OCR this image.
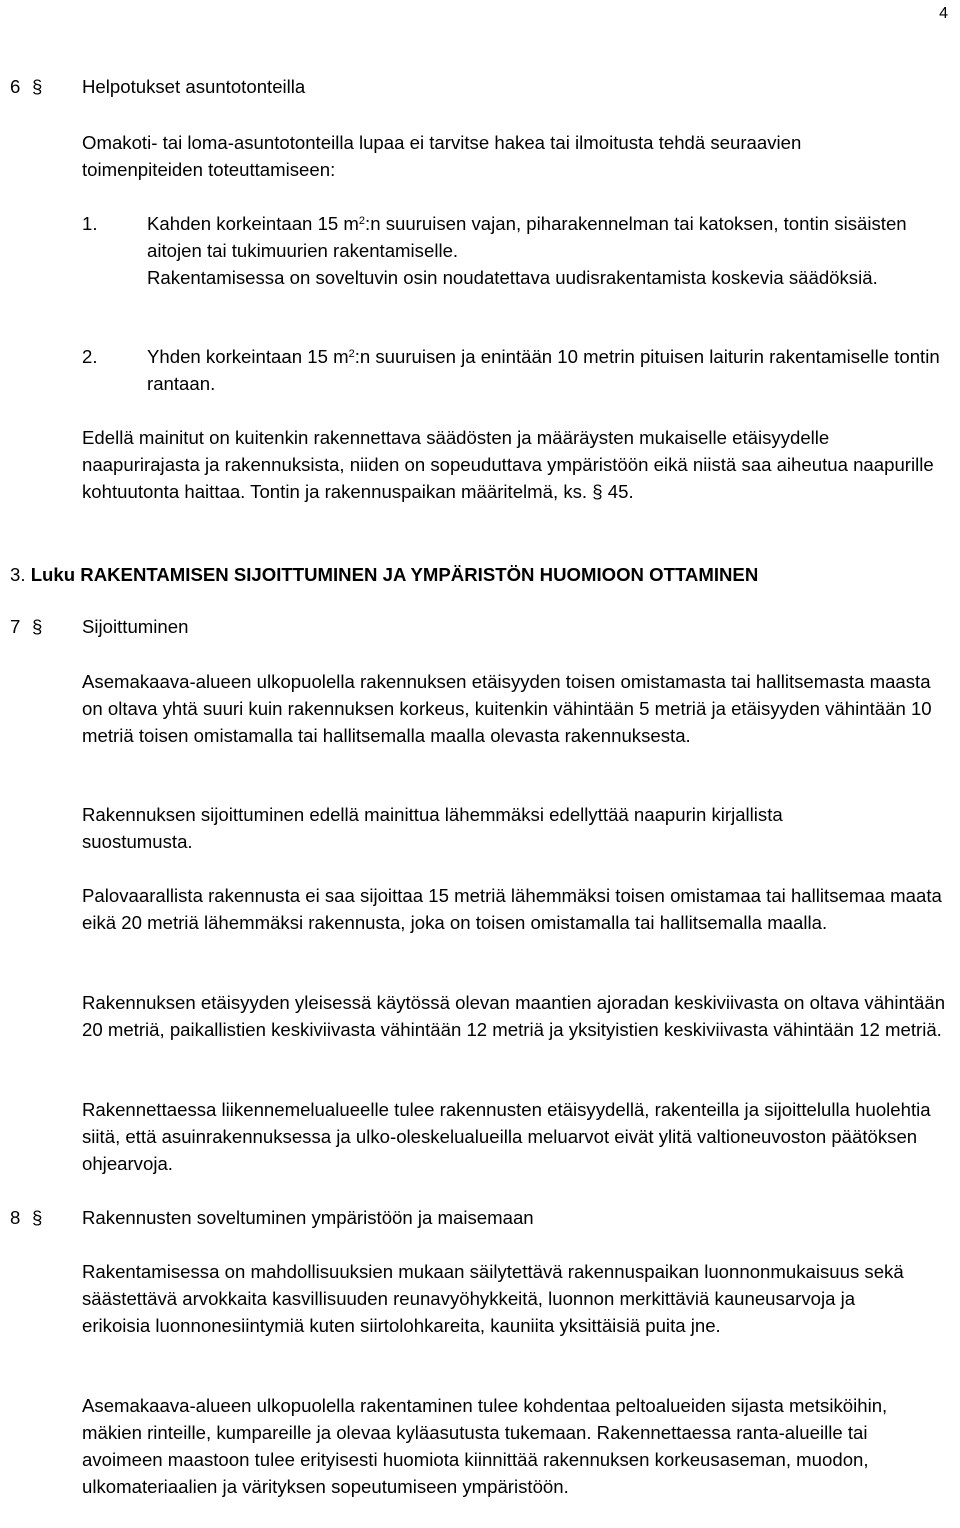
4
6 § Helpotukset asuntotonteilla

Omakoti- tai loma-asuntotonteilla lupaa ei tarvitse hakea tai ilmoitusta tehdä seuraavien toimenpiteiden toteuttamiseen:

1.	Kahden korkeintaan 15 $m^2:n$ suuruisen vajan, piharakennelman tai katoksen, tontin sisäisten aitojen tai tukimuurien rakentamiselle.

Rakentamisessa on soveltuvin osin noudatettava uudisrakentamista koskevia säädöksiä.

2.	Yhden korkeintaan 15 $m^2:n$ suuruisen ja enintään 10 metrin pituisen laiturin rakentamiselle tontin rantaan.

Edellä mainitut on kuitenkin rakennettava säädösten ja määräysten mukaiselle etäisyydelle naapurirajasta ja rakennuksista, niiden on sopeuduttava ympäristöön eikä niistä saa aiheutua naapurille kohtuutonta haittaa. Tontin ja rakennuspaikan määritelmä, ks. § 45.

3. Luku RAKENTAMISEN SIJOITTUMINEN JA YMPÄRISTÖN HUOMIOON OTTAMINEN
7 § Sijoittuminen

Asemakaava-alueen ulkopuolella rakennuksen etäisyyden toisen omistamasta tai hallitsemasta maasta on oltava yhtä suuri kuin rakennuksen korkeus, kuitenkin vähintään 5 metriä ja etäisyyden vähintään 10 metriä toisen omistamalla tai hallitsemalla maalla olevasta rakennuksesta.

Rakennuksen sijoittuminen edellä mainittua lähemmäksi edellyttää naapurin kirjallista suostumusta.

Palovaarallista rakennusta ei saa sijoittaa 15 metriä lähemmäksi toisen omistamaa tai hallitsemaa maata eikä 20 metriä lähemmäksi rakennusta, joka on toisen omistamalla tai hallitsemalla maalla.

Rakennuksen etäisyyden yleisessä käytössä olevan maantien ajoradan keskiviivasta on oltava vähintään 20 metriä, paikallistien keskiviivasta vähintään 12 metriä ja yksityistien keskiviivasta vähintään 12 metriä.

Rakennettaessa liikennemelualueelle tulee rakennusten etäisyydellä, rakenteilla ja sijoittelulla huolehtia siitä, että asuinrakennuksessa ja ulko-oleskelualueilla meluarvot eivät ylitä valtioneuvoston päätöksen ohjearvoja.

8 § Rakennusten soveltuminen ympäristöön ja maisemaan

Rakentamisessa on mahdollisuuksien mukaan säilytettävä rakennuspaikan luonnonmukaisuus sekä säästettävä arvokkaita kasvillisuuden reunavyöhykkeitä, luonnon merkittäviä kauneusarvoja ja erikoisia luonnonesiintymiä kuten siirtolohkareita, kauniita yksittäisiä puita jne.

Asemakaava-alueen ulkopuolella rakentaminen tulee kohdentaa peltoalueiden sijasta metsiköihin, mäkien rinteille, kumpareille ja olevaa kyläasutusta tukemaan. Rakennettaessa ranta-alueille tai avoimeen maastoon tulee erityisesti huomiota kiinnittää rakennuksen korkeusaseman, muodon, ulkomateriaalien ja värityksen sopeutumiseen ympäristöön.
